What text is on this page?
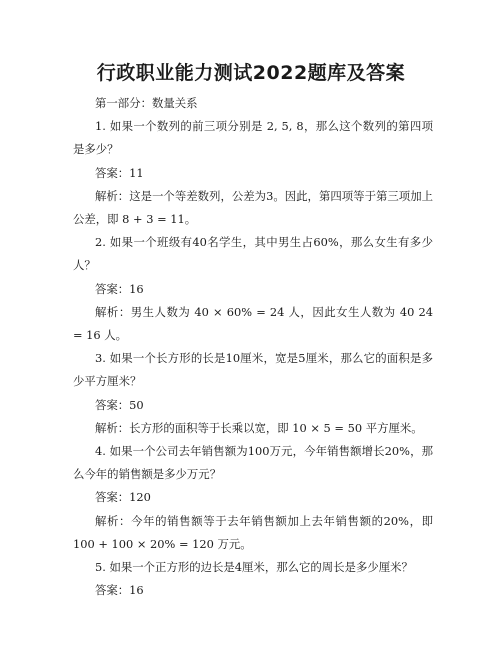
行政职业能力测试2022题库及答案

第一部分：数量关系

1. 如果一个数列的前三项分别是 2, 5, 8，那么这个数列的第四项是多少？

答案：11

解析：这是一个等差数列，公差为3。因此，第四项等于第三项加上公差，即 8 + 3 = 11。

2. 如果一个班级有40名学生，其中男生占60%，那么女生有多少人？

答案：16

解析：男生人数为 40 × 60% = 24 人，因此女生人数为 40 24 = 16 人。

3. 如果一个长方形的长是10厘米，宽是5厘米，那么它的面积是多少平方厘米？

答案：50

解析：长方形的面积等于长乘以宽，即 10 × 5 = 50 平方厘米。

4. 如果一个公司去年销售额为100万元，今年销售额增长20%，那么今年的销售额是多少万元？

答案：120

解析：今年的销售额等于去年销售额加上去年销售额的20%，即 100 + 100 × 20% = 120 万元。

5. 如果一个正方形的边长是4厘米，那么它的周长是多少厘米？

答案：16
